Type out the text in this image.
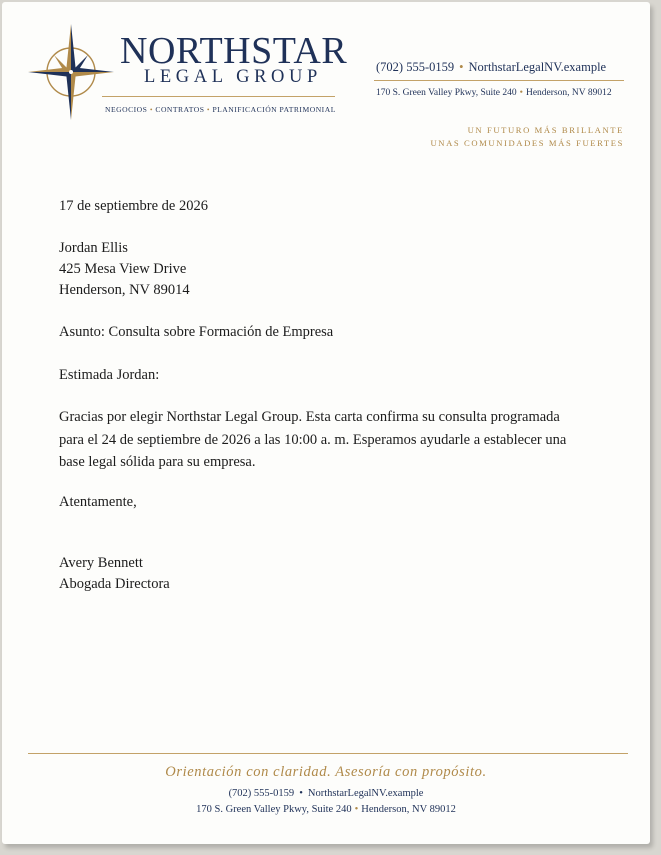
NORTHSTAR
LEGAL GROUP
NEGOCIOS • CONTRATOS • PLANIFICACIÓN PATRIMONIAL
(702) 555-0159 • NorthstarLegalNV.example
170 S. Green Valley Pkwy, Suite 240 • Henderson, NV 89012
UN FUTURO MÁS BRILLANTE
UNAS COMUNIDADES MÁS FUERTES
17 de septiembre de 2026
Jordan Ellis
425 Mesa View Drive
Henderson, NV 89014
Asunto: Consulta sobre Formación de Empresa
Estimada Jordan:
Gracias por elegir Northstar Legal Group. Esta carta confirma su consulta programada
para el 24 de septiembre de 2026 a las 10:00 a. m. Esperamos ayudarle a establecer una
base legal sólida para su empresa.
Atentamente,
Avery Bennett
Abogada Directora
Orientación con claridad. Asesoría con propósito.
(702) 555-0159 • NorthstarLegalNV.example
170 S. Green Valley Pkwy, Suite 240 • Henderson, NV 89012
